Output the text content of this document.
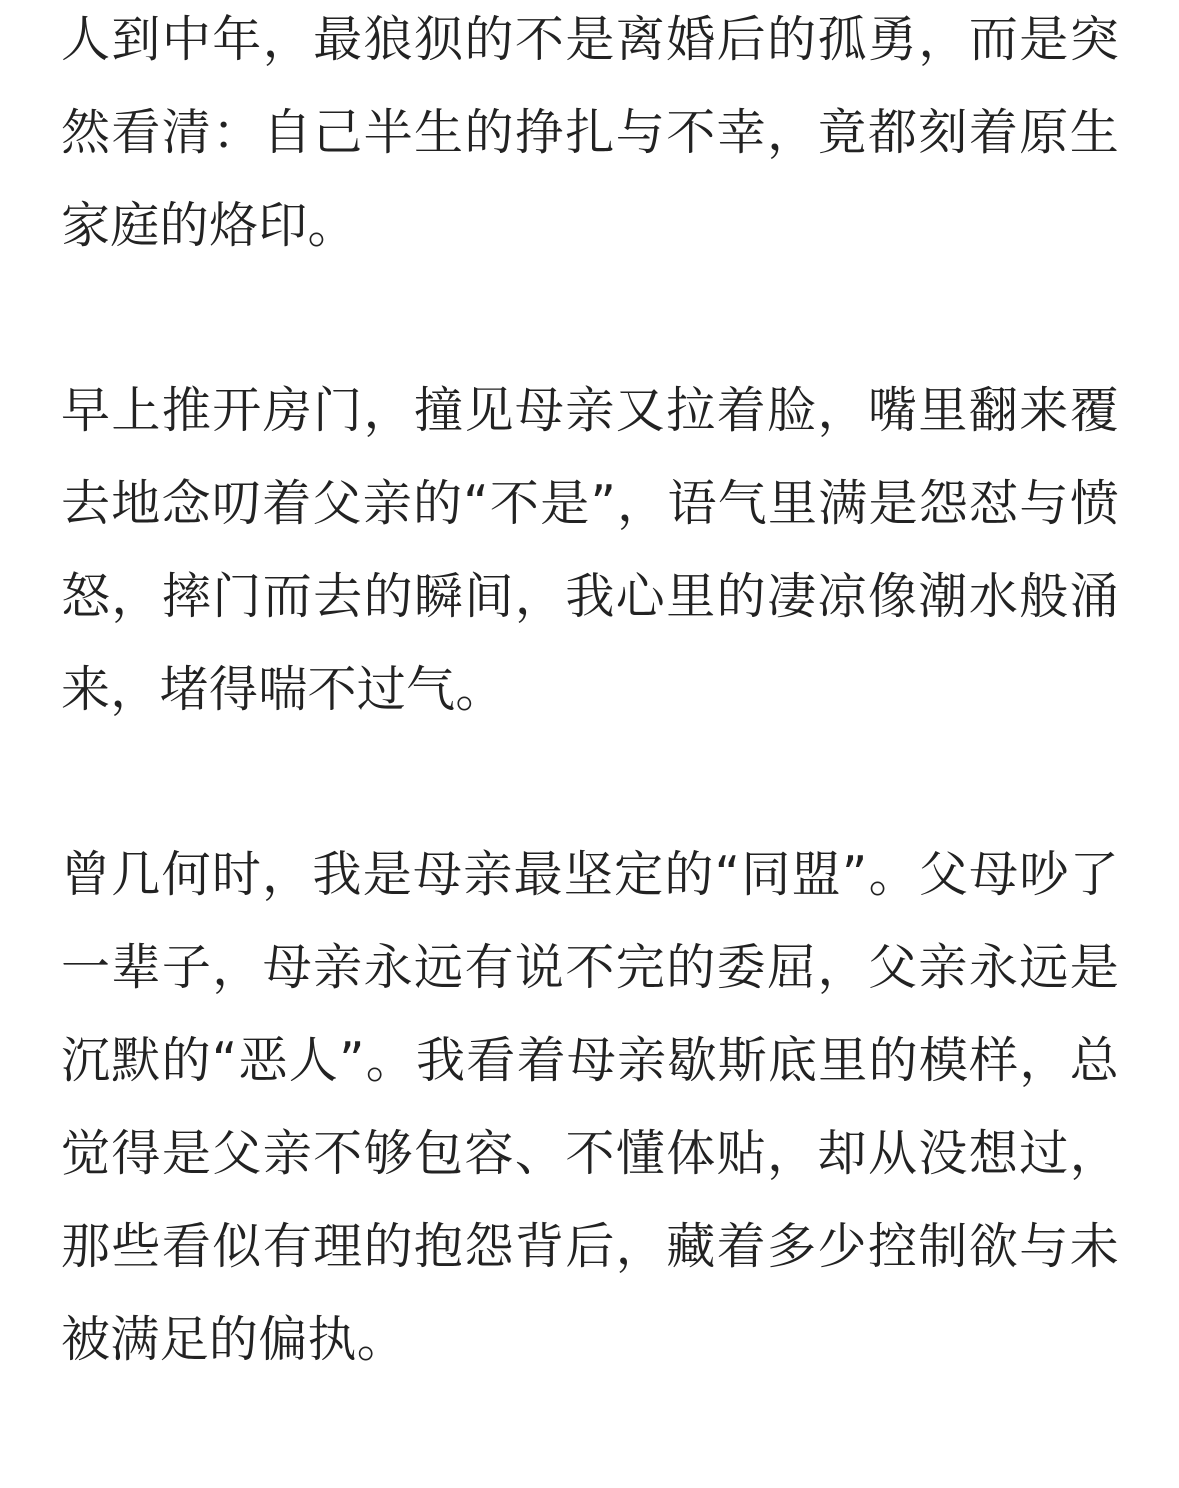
人到中年，最狼狈的不是离婚后的孤勇，而是突然看清：自己半生的挣扎与不幸，竟都刻着原生家庭的烙印。

早上推开房门，撞见母亲又拉着脸，嘴里翻来覆去地念叨着父亲的“不是”，语气里满是怨怼与愤怒，摔门而去的瞬间，我心里的凄凉像潮水般涌来，堵得喘不过气。

曾几何时，我是母亲最坚定的“同盟”。父母吵了一辈子，母亲永远有说不完的委屈，父亲永远是沉默的“恶人”。我看着母亲歇斯底里的模样，总觉得是父亲不够包容、不懂体贴，却从没想过，那些看似有理的抱怨背后，藏着多少控制欲与未被满足的偏执。
